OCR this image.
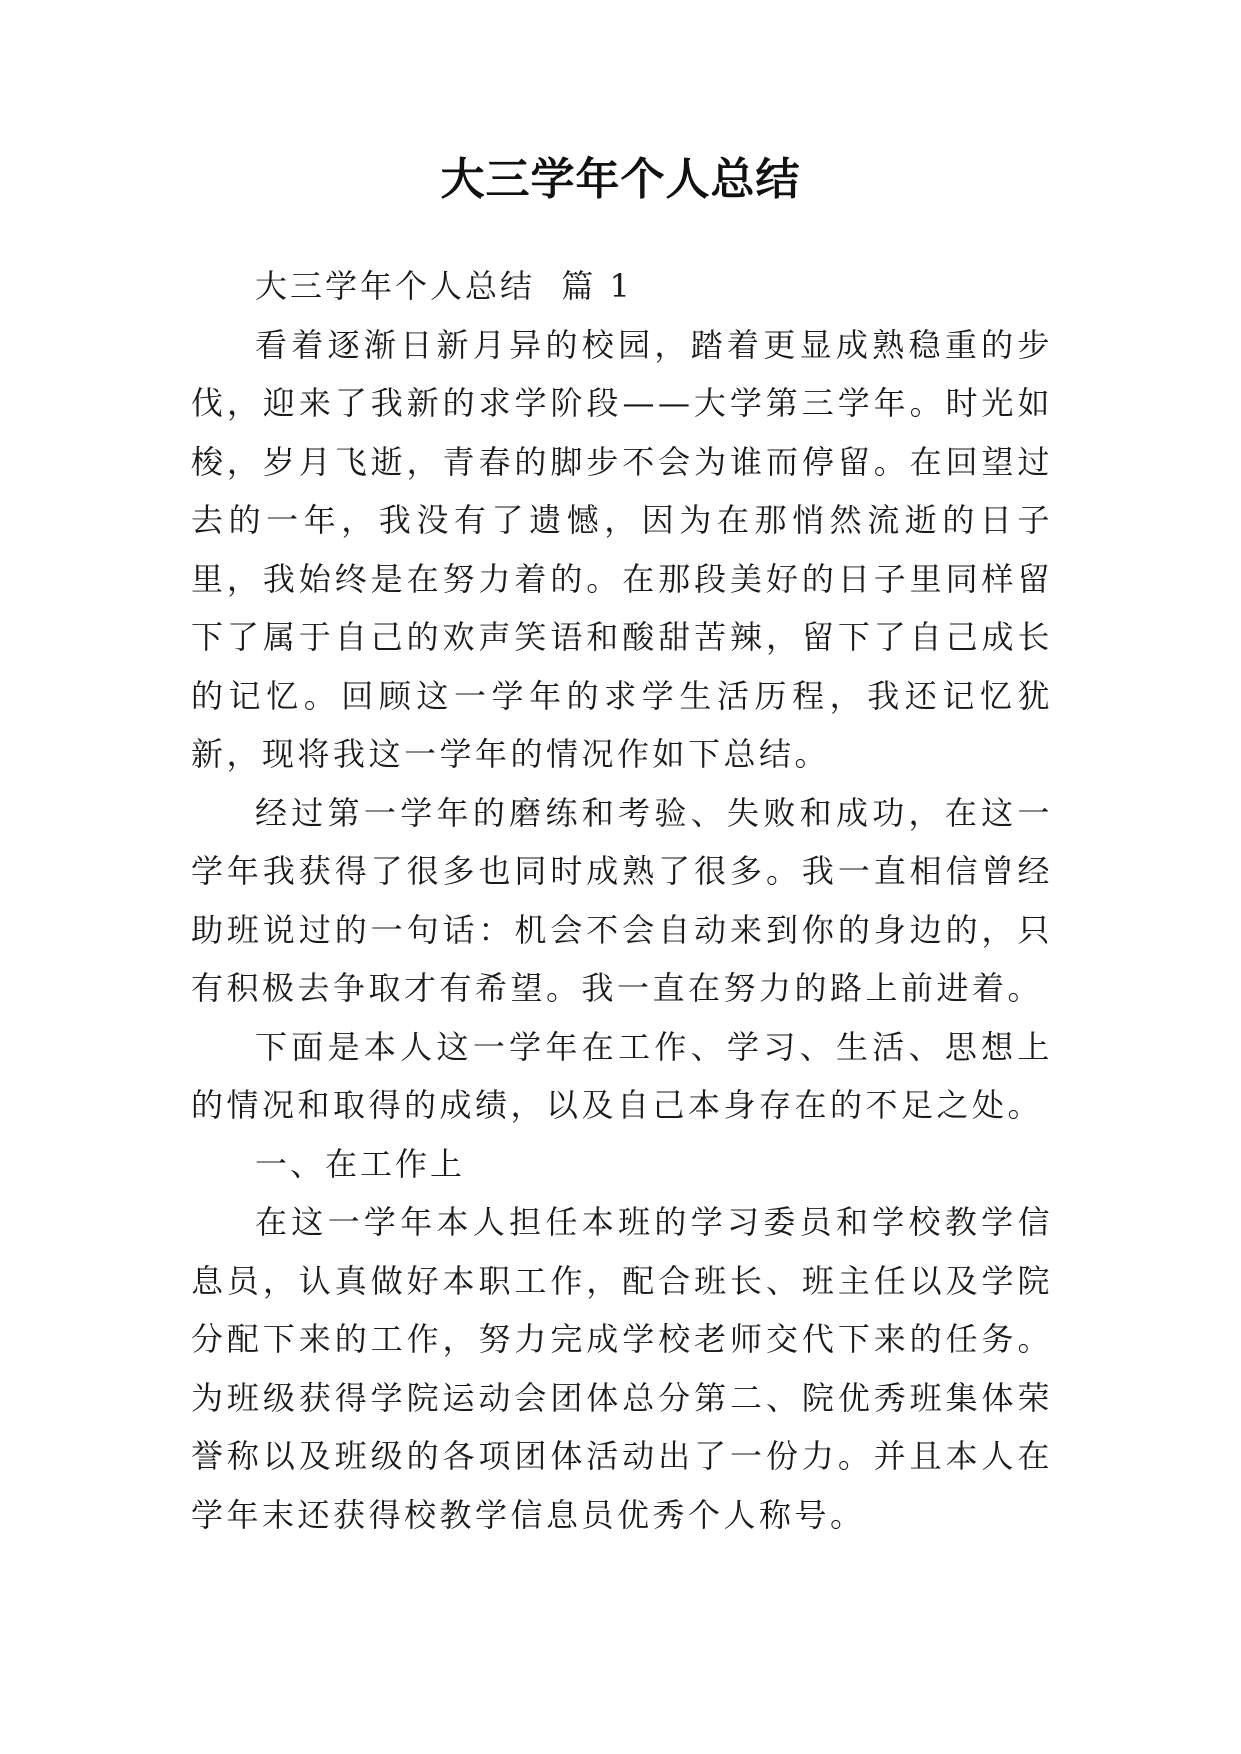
大三学年个人总结

大三学年个人总结  篇 1

看着逐渐日新月异的校园，踏着更显成熟稳重的步伐，迎来了我新的求学阶段——大学第三学年。时光如梭，岁月飞逝，青春的脚步不会为谁而停留。在回望过去的一年，我没有了遗憾，因为在那悄然流逝的日子里，我始终是在努力着的。在那段美好的日子里同样留下了属于自己的欢声笑语和酸甜苦辣，留下了自己成长的记忆。回顾这一学年的求学生活历程，我还记忆犹新，现将我这一学年的情况作如下总结。

经过第一学年的磨练和考验、失败和成功，在这一学年我获得了很多也同时成熟了很多。我一直相信曾经助班说过的一句话：机会不会自动来到你的身边的，只有积极去争取才有希望。我一直在努力的路上前进着。

下面是本人这一学年在工作、学习、生活、思想上的情况和取得的成绩，以及自己本身存在的不足之处。

一、在工作上

在这一学年本人担任本班的学习委员和学校教学信息员，认真做好本职工作，配合班长、班主任以及学院分配下来的工作，努力完成学校老师交代下来的任务。为班级获得学院运动会团体总分第二、院优秀班集体荣誉称以及班级的各项团体活动出了一份力。并且本人在学年末还获得校教学信息员优秀个人称号。
